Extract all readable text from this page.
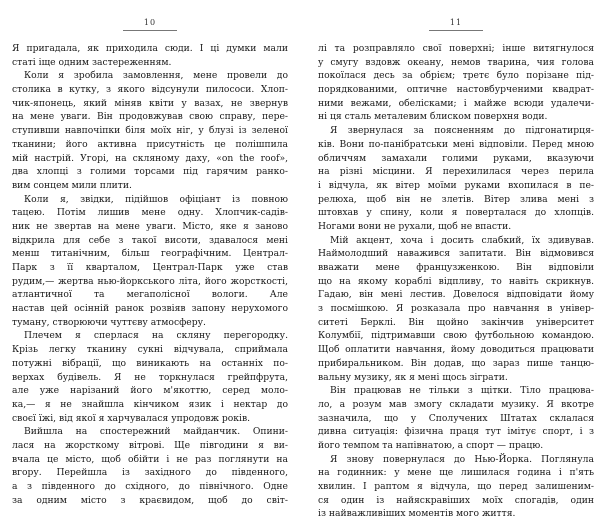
10
Я пригадала, як приходила сюди. І ці думки мали
статі іще одним застереженням.
Коли я зробила замовлення, мене провели до
столика в кутку, з якого відсунули пилососи. Хлоп-
чик-японець, який міняв квіти у вазах, не звернув
на мене уваги. Він продовжував свою справу, пере-
ступивши навпочіпки біля моїх ніг, у блузі із зеленої
тканини; його активна присутність це полішпила
мій настрій. Угорі, на скляному даху, «on the roof»,
два хлопці з голими торсами під гарячим ранко-
вим сонцем мили плити.
Коли я, звідки, підійшов офіціант із повною
тацею. Потім лишив мене одну. Хлопчик-садів-
ник не звертав на мене уваги. Місто, яке я заново
відкрила для себе з такої висоти, здавалося мені
менш титанічним, більш географічним. Централ-
Парк з її кварталом, Централ-Парк уже став
рудим,— жертва нью-йоркського літа, його жорсткості,
атлантичної та мегаполісної вологи. Але
настав цей осінній ранок розвіяв запону нерухомого
туману, створюючи чуттєву атмосферу.
Плечем я сперлася на скляну перегородку.
Крізь легку тканину сукні відчувала, сприймала
потужні вібрації, що виникають на останніх по-
верхах будівель. Я не торкнулася грейпфрута,
але уже нарізаний його м'якоттю, серед моло-
ка,— я не знайшла кінчиком язик і нектар до
своєї їжі, від якої я харчувалася упродовж років.
Вийшла на спостережний майданчик. Опини-
лася на жорсткому вітрові. Ще півгодини я ви-
вчала це місто, щоб обійти і не раз поглянути на
вгору. Перейшла із західного до південного,
а з південного до східного, до північного. Одне
за одним місто з краєвидом, щоб до світ-
11
лі та розправляло свої поверхні; інше витягнулося
у смугу вздовж океану, немов тварина, чия голова
покоїлася десь за обрієм; третє було порізане під-
порядкованими, оптичне настовбурченими квадрат-
ними вежами, обелісками; і майже всюди удалечи-
ні ця сталь металевим блиском поверхня води.
Я звернулася за поясненням до підгонатирця-
ків. Вони по-панібратськи мені відповіли. Перед мною
обличчям замахали голими руками, вказуючи
на різні місцини. Я перехилилася через перила
і відчула, як вітер моїми руками вхопилася в пе-
релюха, щоб він не злетів. Вітер злива мені з
штовхав у спину, коли я поверталася до хлопців.
Ногами вони не рухали, щоб не впасти.
Мій акцент, хоча і досить слабкий, їх здивував.
Наймолодший наважився запитати. Він відмовився
вважати мене французженкою. Він відповіли
що на якому кораблі відпливу, то навіть скрикнув.
Гадаю, він мені лестив. Довелося відповідати йому
з посмішкою. Я розказала про навчання в універ-
ситеті Берклі. Він щойно закінчив університет
Колумбії, підтримавши свою футбольною командою.
Щоб оплатити навчання, йому доводиться працювати
прибиральником. Він додав, що зараз пише танцю-
вальну музику, як я мені щось зіграти.
Він працював не тільки з щітки. Тіло працюва-
ло, а розум мав змогу складати музику. Я вкотре
зазначила, що у Сполучених Штатах склалася
дивна ситуація: фізична праця тут імітує спорт, і з
його темпом та напівнатою, а спорт — працю.
Я знову повернулася до Нью-Йорка. Поглянула
на годинник: у мене ще лишилася година і п'ять
хвилин. І раптом я відчула, що перед залишеним-
ся один із найяскравіших моїх спогадів, один
із найважливіших моментів мого життя.
